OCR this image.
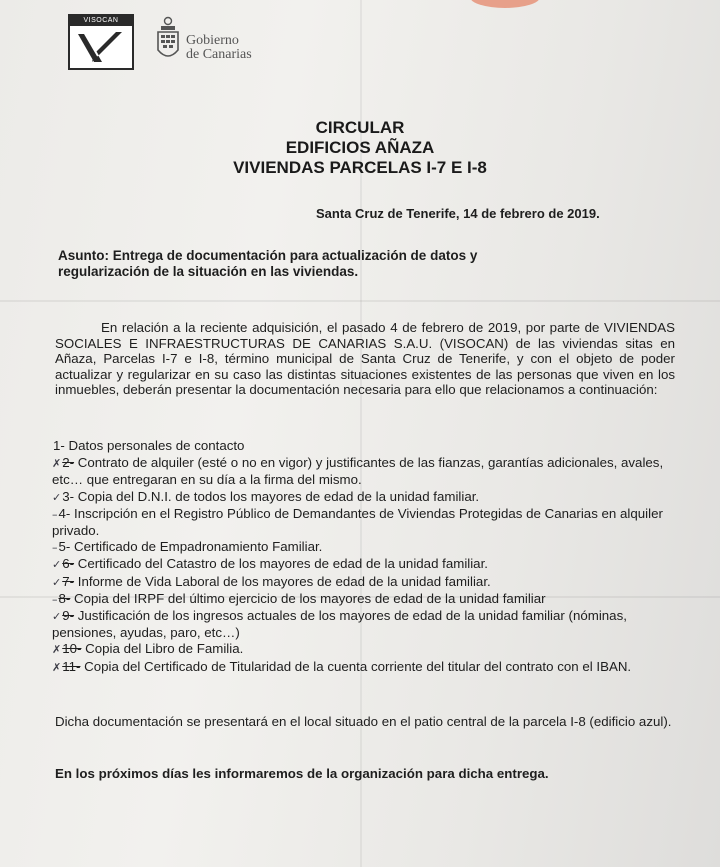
VISOCAN
Gobierno
de Canarias
CIRCULAR
EDIFICIOS AÑAZA
VIVIENDAS PARCELAS I-7 E I-8
Santa Cruz de Tenerife, 14 de febrero de 2019.
Asunto: Entrega de documentación para actualización de datos y
regularización de la situación en las viviendas.
En relación a la reciente adquisición, el pasado 4 de febrero de 2019, por parte de VIVIENDAS SOCIALES E INFRAESTRUCTURAS DE CANARIAS S.A.U. (VISOCAN) de las viviendas sitas en Añaza, Parcelas I-7 e I-8, término municipal de Santa Cruz de Tenerife, y con el objeto de poder actualizar y regularizar en su caso las distintas situaciones existentes de las personas que viven en los inmuebles, deberán presentar la documentación necesaria para ello que relacionamos a continuación:
1- Datos personales de contacto
✗2- Contrato de alquiler (esté o no en vigor) y justificantes de las fianzas, garantías adicionales, avales, etc… que entregaran en su día a la firma del mismo.
✓3- Copia del D.N.I. de todos los mayores de edad de la unidad familiar.
–4- Inscripción en el Registro Público de Demandantes de Viviendas Protegidas de Canarias en alquiler privado.
–5- Certificado de Empadronamiento Familiar.
✓6- Certificado del Catastro de los mayores de edad de la unidad familiar.
✓7- Informe de Vida Laboral de los mayores de edad de la unidad familiar.
–8- Copia del IRPF del último ejercicio de los mayores de edad de la unidad familiar
✓9- Justificación de los ingresos actuales de los mayores de edad de la unidad familiar (nóminas, pensiones, ayudas, paro, etc…)
✗10- Copia del Libro de Familia.
✗11- Copia del Certificado de Titularidad de la cuenta corriente del titular del contrato con el IBAN.
Dicha documentación se presentará en el local situado en el patio central de la parcela I-8 (edificio azul).
En los próximos días les informaremos de la organización para dicha entrega.
